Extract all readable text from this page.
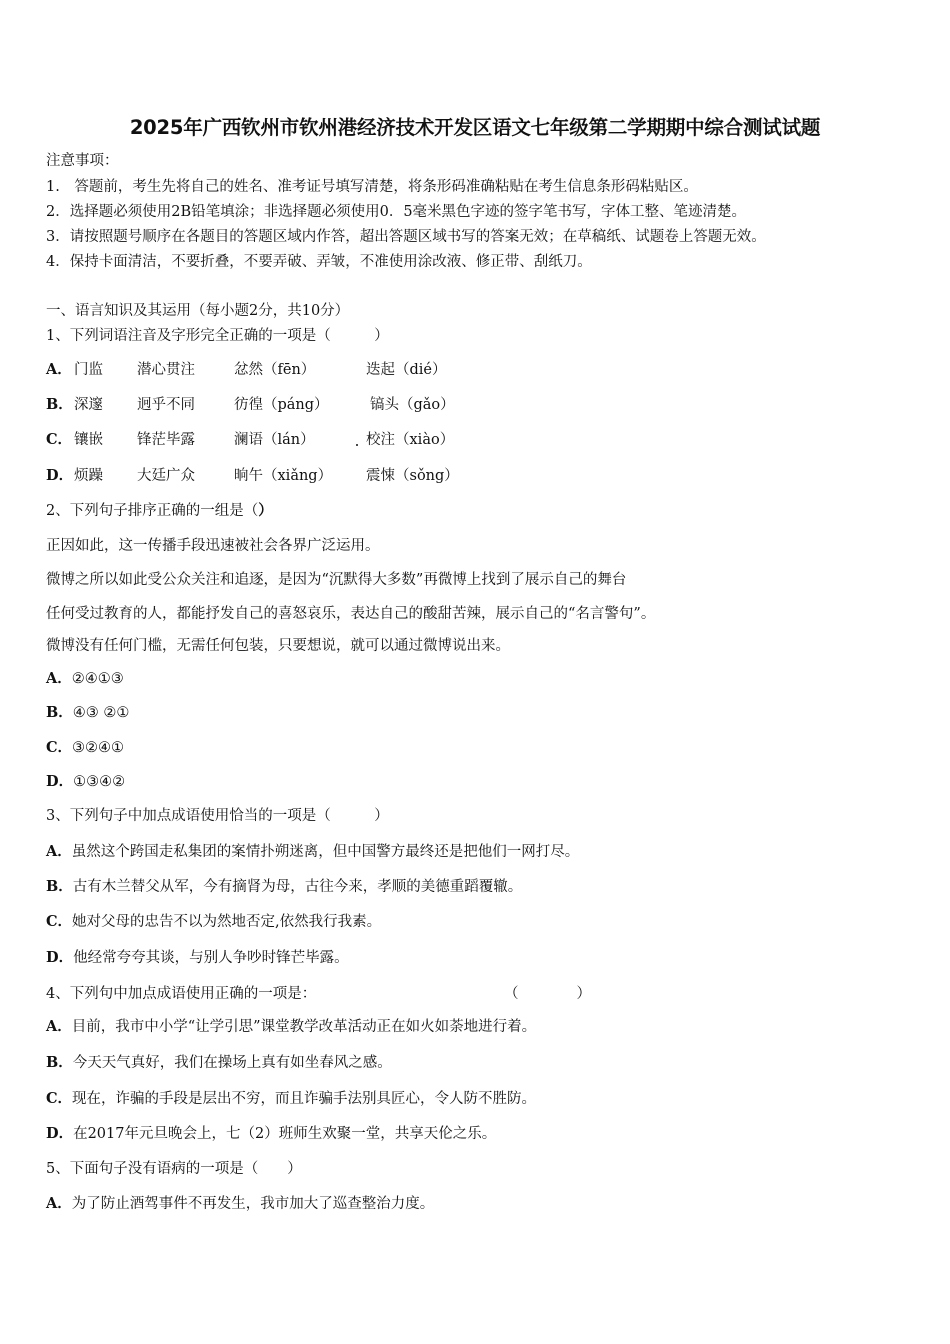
2025年广西钦州市钦州港经济技术开发区语文七年级第二学期期中综合测试试题
注意事项：
1.　答题前，考生先将自己的姓名、准考证号填写清楚，将条形码准确粘贴在考生信息条形码粘贴区。
2．选择题必须使用2B铅笔填涂；非选择题必须使用0．5毫米黑色字迹的签字笔书写，字体工整、笔迹清楚。
3．请按照题号顺序在各题目的答题区域内作答，超出答题区域书写的答案无效；在草稿纸、试题卷上答题无效。
4．保持卡面清洁，不要折叠，不要弄破、弄皱，不准使用涂改液、修正带、刮纸刀。
一、语言知识及其运用（每小题2分，共10分）
1、下列词语注音及字形完全正确的一项是（　　　）
A． 门监 潜心贯注	忿然（fēn）	迭起（dié）
B． 深邃 迥乎不同	彷徨（páng）	镐头（gǎo）
C． 镶嵌 锋茫毕露	澜语（lán）	校注（xiào）
D． 烦躁 大廷广众	晌午（xiǎng） 震悚（sǒng）
2、下列句子排序正确的一组是（）
正因如此，这一传播手段迅速被社会各界广泛运用。
微博之所以如此受公众关注和追逐，是因为“沉默得大多数”再微博上找到了展示自己的舞台
任何受过教育的人，都能抒发自己的喜怒哀乐，表达自己的酸甜苦辣，展示自己的“名言警句”。
微博没有任何门槛，无需任何包装，只要想说，就可以通过微博说出来。
A．②④①③
B．④③ ②①
C．③②④①
D．①③④②
3、下列句子中加点成语使用恰当的一项是（　　　）
A．虽然这个跨国走私集团的案情扑朔迷离，但中国警方最终还是把他们一网打尽。
B．古有木兰替父从军，今有摘肾为母，古往今来，孝顺的美德重蹈覆辙。
C．她对父母的忠告不以为然地否定,依然我行我素。
D．他经常夸夸其谈，与别人争吵时锋芒毕露。
4、下列句中加点成语使用正确的一项是：	（　　　　）
A．目前，我市中小学“让学引思”课堂教学改革活动正在如火如荼地进行着。
B．今天天气真好，我们在操场上真有如坐春风之感。
C．现在，诈骗的手段是层出不穷，而且诈骗手法别具匠心，令人防不胜防。
D．在2017年元旦晚会上，七（2）班师生欢聚一堂，共享天伦之乐。
5、下面句子没有语病的一项是（　　）
A．为了防止酒驾事件不再发生，我市加大了巡查整治力度。
